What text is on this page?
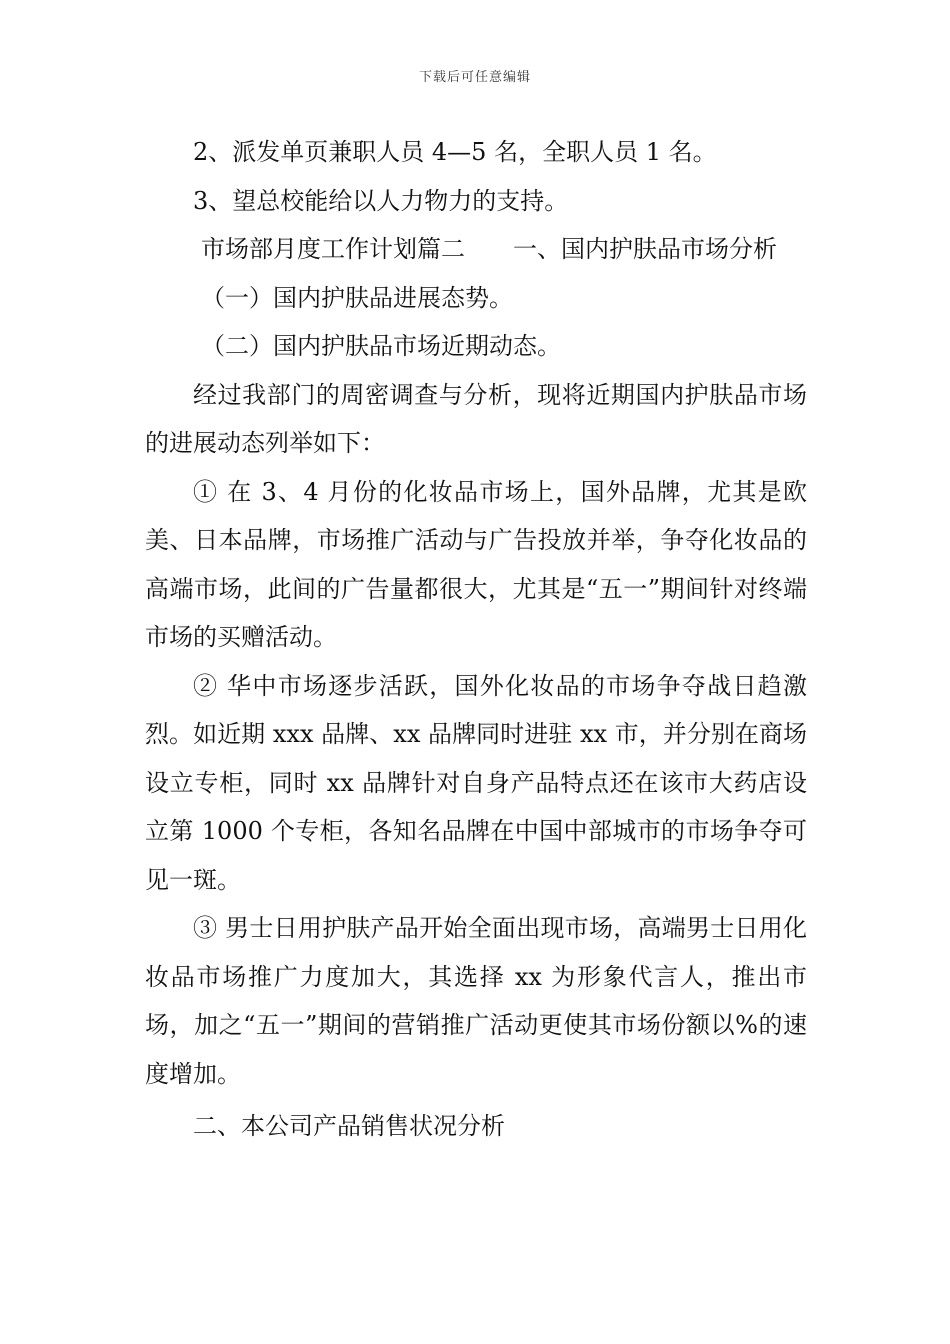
下载后可任意编辑

2、派发单页兼职人员 4—5 名，全职人员 1 名。

3、望总校能给以人力物力的支持。

市场部月度工作计划篇二　　一、国内护肤品市场分析

（一）国内护肤品进展态势。

（二）国内护肤品市场近期动态。

经过我部门的周密调查与分析，现将近期国内护肤品市场的进展动态列举如下：

① 在 3、4 月份的化妆品市场上，国外品牌，尤其是欧美、日本品牌，市场推广活动与广告投放并举，争夺化妆品的高端市场，此间的广告量都很大，尤其是“五一”期间针对终端市场的买赠活动。

② 华中市场逐步活跃，国外化妆品的市场争夺战日趋激烈。如近期 xxx 品牌、xx 品牌同时进驻 xx 市，并分别在商场设立专柜，同时 xx 品牌针对自身产品特点还在该市大药店设立第 1000 个专柜，各知名品牌在中国中部城市的市场争夺可见一斑。

③ 男士日用护肤产品开始全面出现市场，高端男士日用化妆品市场推广力度加大，其选择 xx 为形象代言人，推出市场，加之“五一”期间的营销推广活动更使其市场份额以%的速度增加。

二、本公司产品销售状况分析
